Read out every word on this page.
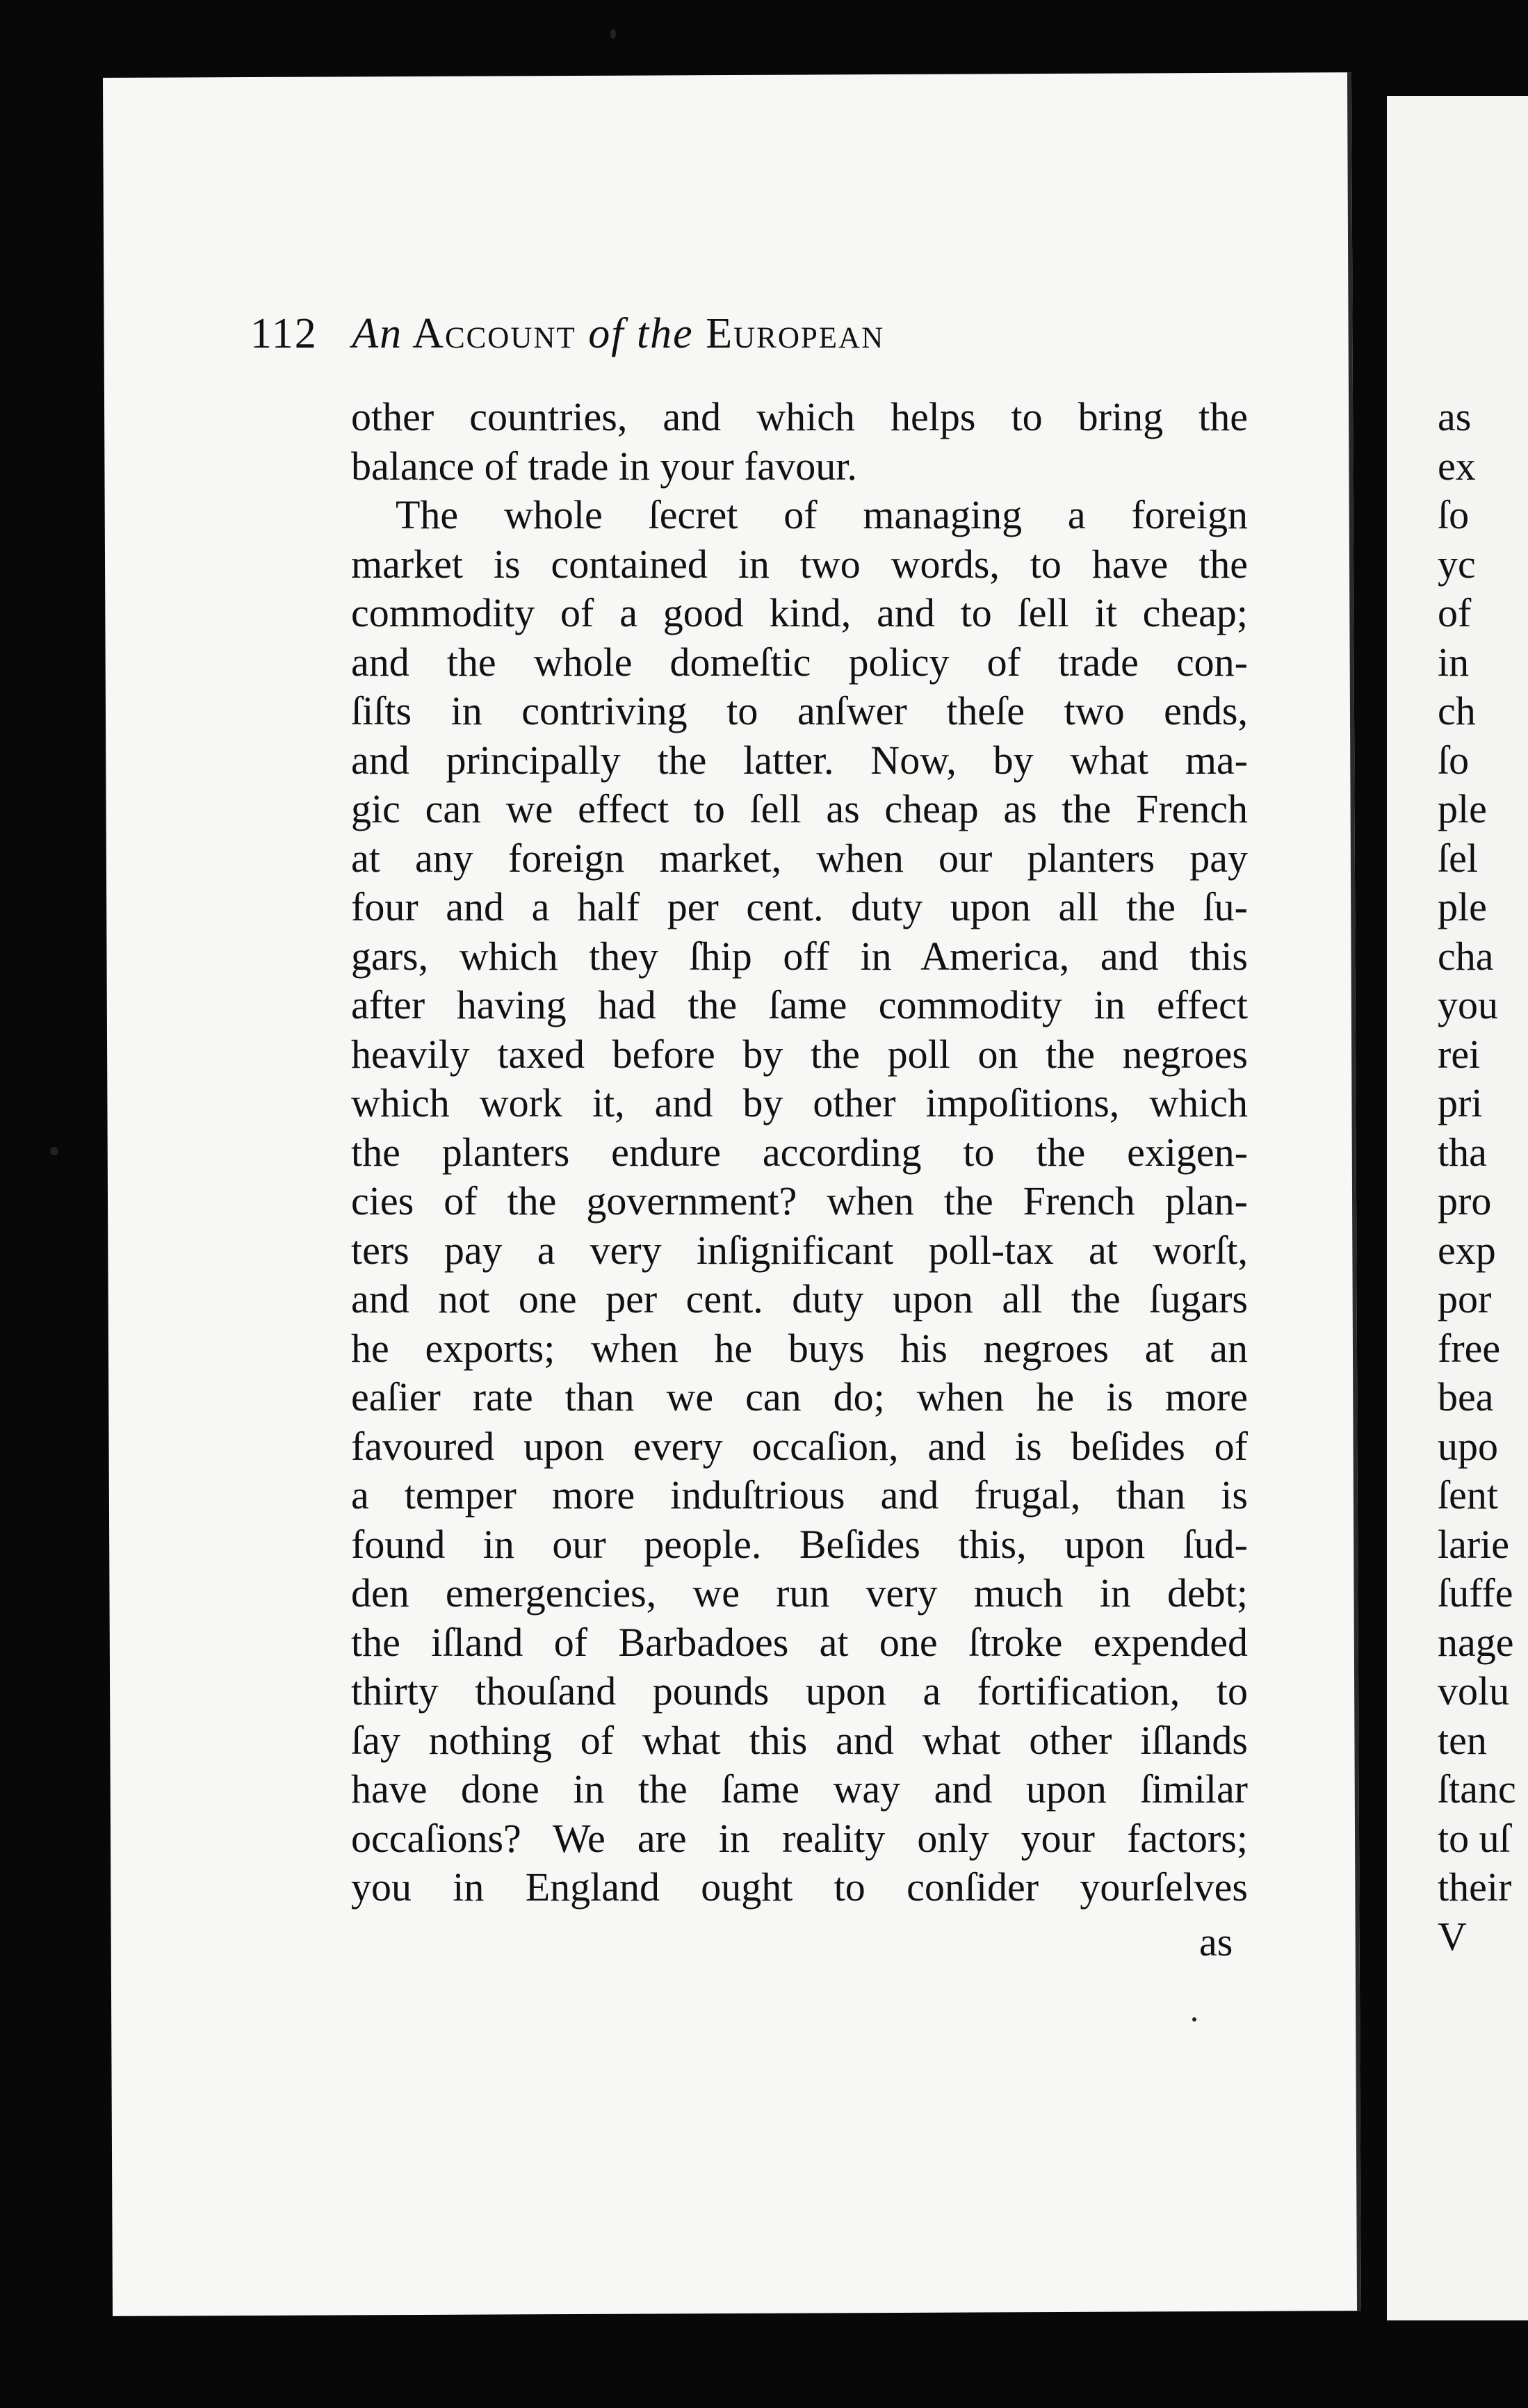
112 An Account of the European
other countries, and which helps to bring the
balance of trade in your favour.
The whole ſecret of managing a foreign
market is contained in two words, to have the
commodity of a good kind, and to ſell it cheap;
and the whole domeſtic policy of trade con-
ſiſts in contriving to anſwer theſe two ends,
and principally the latter. Now, by what ma-
gic can we effect to ſell as cheap as the French
at any foreign market, when our planters pay
four and a half per cent. duty upon all the ſu-
gars, which they ſhip off in America, and this
after having had the ſame commodity in effect
heavily taxed before by the poll on the negroes
which work it, and by other impoſitions, which
the planters endure according to the exigen-
cies of the government? when the French plan-
ters pay a very inſignificant poll-tax at worſt,
and not one per cent. duty upon all the ſugars
he exports; when he buys his negroes at an
eaſier rate than we can do; when he is more
favoured upon every occaſion, and is beſides of
a temper more induſtrious and frugal, than is
found in our people. Beſides this, upon ſud-
den emergencies, we run very much in debt;
the iſland of Barbadoes at one ſtroke expended
thirty thouſand pounds upon a fortification, to
ſay nothing of what this and what other iſlands
have done in the ſame way and upon ſimilar
occaſions? We are in reality only your factors;
you in England ought to conſider yourſelves
as
as
ex
ſo
yc
of
in
ch
ſo
ple
ſel
ple
cha
you
rei
pri
tha
pro
exp
por
free
bea
upo
ſent
larie
ſuffe
nage
volu
ten
ſtanc
to uſ
their
V
